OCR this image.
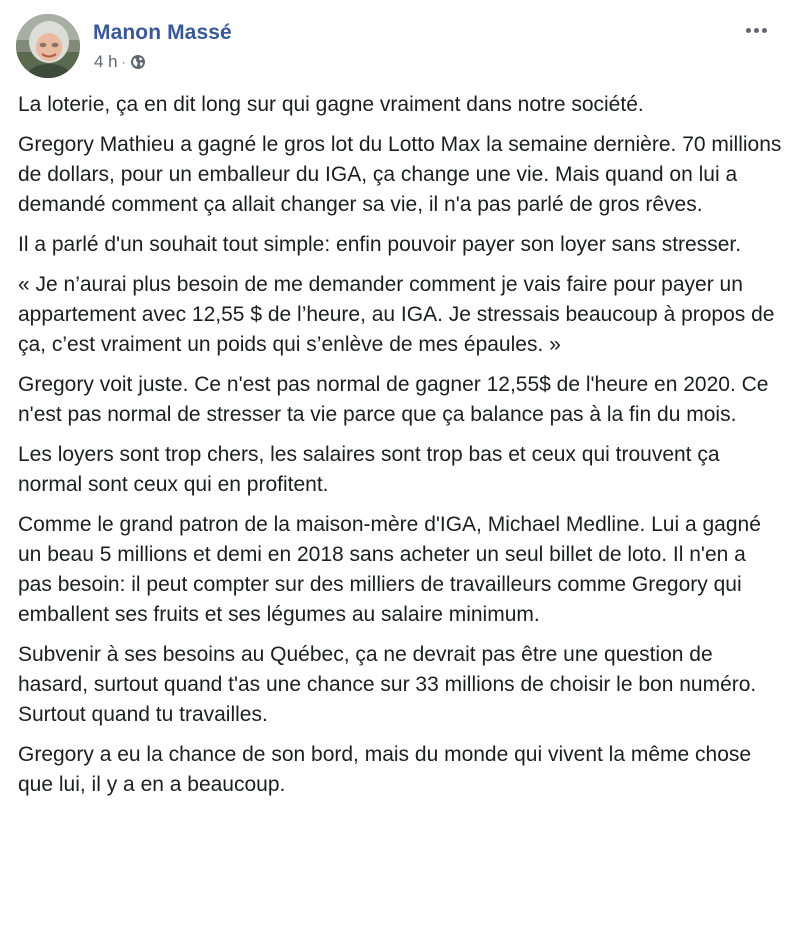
Manon Massé
4 h ·

La loterie, ça en dit long sur qui gagne vraiment dans notre société.

Gregory Mathieu a gagné le gros lot du Lotto Max la semaine dernière. 70 millions de dollars, pour un emballeur du IGA, ça change une vie. Mais quand on lui a demandé comment ça allait changer sa vie, il n'a pas parlé de gros rêves.

Il a parlé d'un souhait tout simple: enfin pouvoir payer son loyer sans stresser.

« Je n’aurai plus besoin de me demander comment je vais faire pour payer un appartement avec 12,55 $ de l’heure, au IGA. Je stressais beaucoup à propos de ça, c’est vraiment un poids qui s’enlève de mes épaules. »

Gregory voit juste. Ce n'est pas normal de gagner 12,55$ de l'heure en 2020. Ce n'est pas normal de stresser ta vie parce que ça balance pas à la fin du mois.

Les loyers sont trop chers, les salaires sont trop bas et ceux qui trouvent ça normal sont ceux qui en profitent.

Comme le grand patron de la maison-mère d'IGA, Michael Medline. Lui a gagné un beau 5 millions et demi en 2018 sans acheter un seul billet de loto. Il n'en a pas besoin: il peut compter sur des milliers de travailleurs comme Gregory qui emballent ses fruits et ses légumes au salaire minimum.

Subvenir à ses besoins au Québec, ça ne devrait pas être une question de hasard, surtout quand t'as une chance sur 33 millions de choisir le bon numéro. Surtout quand tu travailles.

Gregory a eu la chance de son bord, mais du monde qui vivent la même chose que lui, il y a en a beaucoup.
